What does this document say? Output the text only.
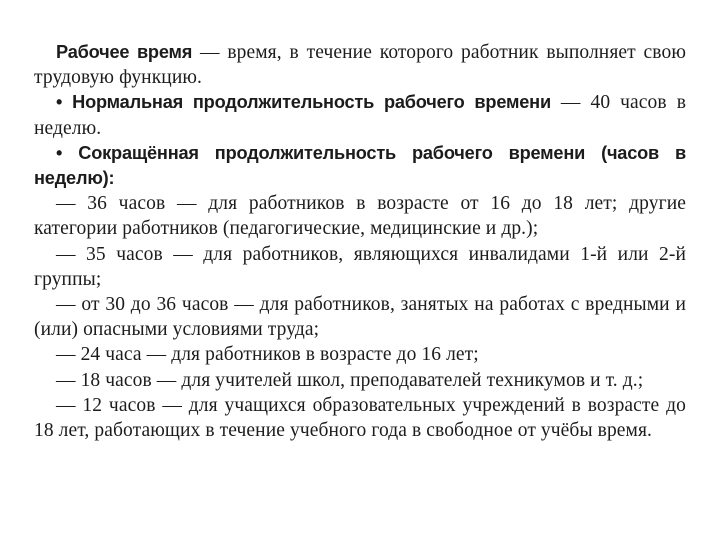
Рабочее время — время, в течение которого работник выполняет свою трудовую функцию.

• Нормальная продолжительность рабочего времени — 40 часов в неделю.

• Сокращённая продолжительность рабочего времени (часов в неделю):

— 36 часов — для работников в возрасте от 16 до 18 лет; другие категории работников (педагогические, медицинские и др.);

— 35 часов — для работников, являющихся инвалидами 1-й или 2-й группы;

— от 30 до 36 часов — для работников, занятых на работах с вредными и (или) опасными условиями труда;

— 24 часа — для работников в возрасте до 16 лет;

— 18 часов — для учителей школ, преподавателей техникумов и т. д.;

— 12 часов — для учащихся образовательных учреждений в возрасте до 18 лет, работающих в течение учебного года в свободное от учёбы время.
